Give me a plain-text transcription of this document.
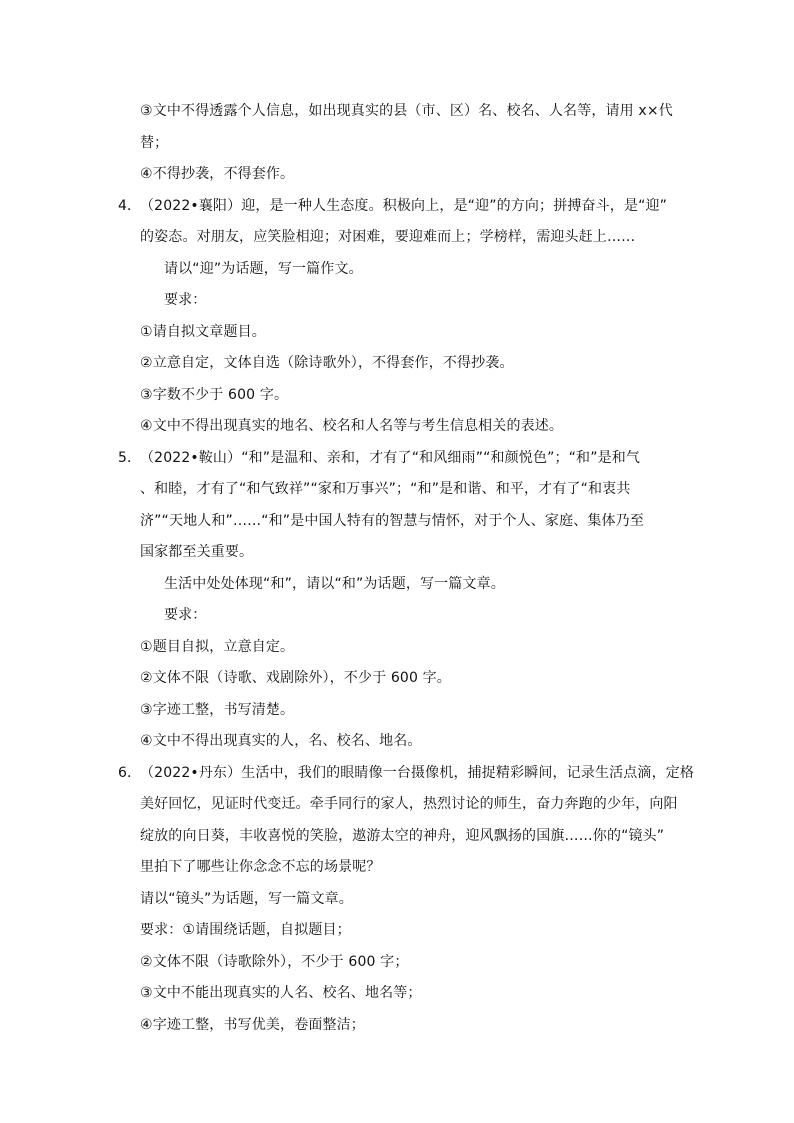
③文中不得透露个人信息，如出现真实的县（市、区）名、校名、人名等，请用 x×代
替；
④不得抄袭，不得套作。
4．
（2022•襄阳）迎，是一种人生态度。积极向上，是“迎”的方向；拼搏奋斗，是“迎”
的姿态。对朋友，应笑脸相迎；对困难，要迎难而上；学榜样，需迎头赶上……
请以“迎”为话题，写一篇作文。
要求：
①请自拟文章题目。
②立意自定，文体自选（除诗歌外），不得套作，不得抄袭。
③字数不少于 600 字。
④文中不得出现真实的地名、校名和人名等与考生信息相关的表述。
5．
（2022•鞍山）“和”是温和、亲和，才有了“和风细雨”“和颜悦色”；“和”是和气
、和睦，才有了“和气致祥”“家和万事兴”；“和”是和谐、和平，才有了“和衷共
济”“天地人和”……“和”是中国人特有的智慧与情怀，对于个人、家庭、集体乃至
国家都至关重要。
生活中处处体现“和”，请以“和”为话题，写一篇文章。
要求：
①题目自拟，立意自定。
②文体不限（诗歌、戏剧除外），不少于 600 字。
③字迹工整，书写清楚。
④文中不得出现真实的人，名、校名、地名。
6．
（2022•丹东）生活中，我们的眼睛像一台摄像机，捕捉精彩瞬间，记录生活点滴，定格
美好回忆，见证时代变迁。牵手同行的家人，热烈讨论的师生，奋力奔跑的少年，向阳
绽放的向日葵，丰收喜悦的笑脸，遨游太空的神舟，迎风飘扬的国旗……你的“镜头”
里拍下了哪些让你念念不忘的场景呢？
请以“镜头”为话题，写一篇文章。
要求：①请围绕话题，自拟题目；
②文体不限（诗歌除外），不少于 600 字；
③文中不能出现真实的人名、校名、地名等；
④字迹工整，书写优美，卷面整洁；
